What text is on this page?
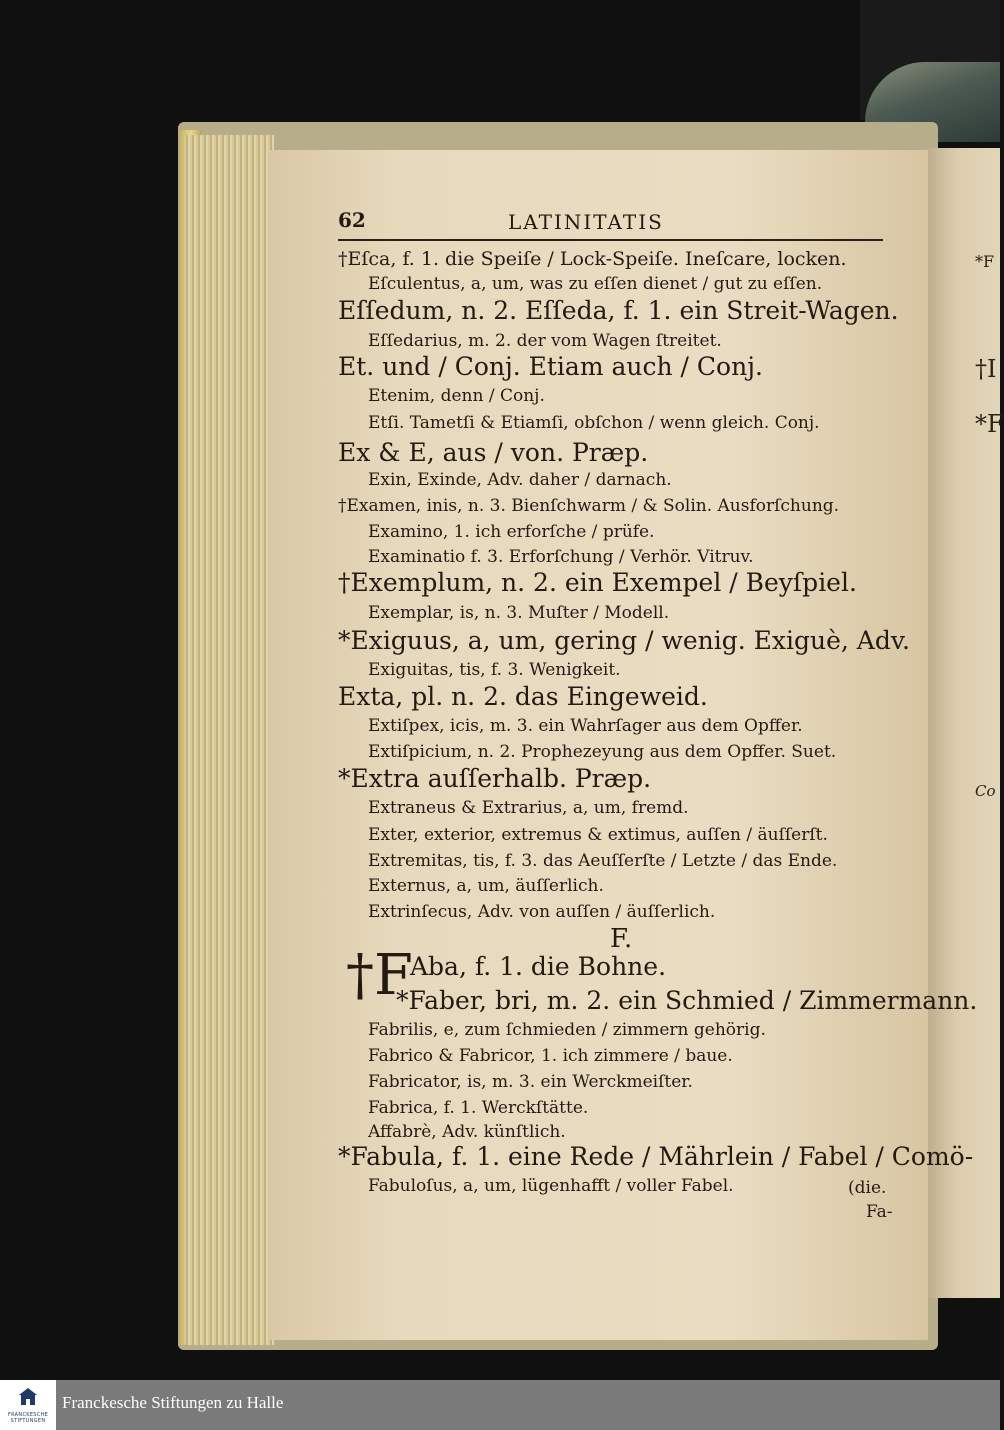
*F
†I
*F
Co
62	LATINITATIS
†Eſca, f. 1. die Speiſe / Lock-Speiſe. Ineſcare, locken.
Eſculentus, a, um, was zu eſſen dienet / gut zu eſſen.
Eſſedum, n. 2. Eſſeda, f. 1. ein Streit-Wagen.
Eſſedarius, m. 2. der vom Wagen ſtreitet.
Et. und / Conj. Etiam auch / Conj.
Etenim, denn / Conj.
Etſi. Tametſi & Etiamſi, obſchon / wenn gleich. Conj.
Ex & E, aus / von. Præp.
Exin, Exinde, Adv. daher / darnach.
†Examen, inis, n. 3. Bienſchwarm / & Solin. Ausforſchung.
Examino, 1. ich erforſche / prüfe.
Examinatio f. 3. Erforſchung / Verhör. Vitruv.
†Exemplum, n. 2. ein Exempel / Beyſpiel.
Exemplar, is, n. 3. Muſter / Modell.
*Exiguus, a, um, gering / wenig. Exiguè, Adv.
Exiguitas, tis, f. 3. Wenigkeit.
Exta, pl. n. 2. das Eingeweid.
Extiſpex, icis, m. 3. ein Wahrſager aus dem Opffer.
Extiſpicium, n. 2. Prophezeyung aus dem Opffer. Suet.
*Extra auſſerhalb. Præp.
Extraneus & Extrarius, a, um, fremd.
Exter, exterior, extremus & extimus, auſſen / äuſſerſt.
Extremitas, tis, f. 3. das Aeuſſerſte / Letzte / das Ende.
Externus, a, um, äuſſerlich.
Extrinſecus, Adv. von auſſen / äuſſerlich.
F.
†F
Aba, f. 1. die Bohne.
*Faber, bri, m. 2. ein Schmied / Zimmermann.
Fabrilis, e, zum ſchmieden / zimmern gehörig.
Fabrico & Fabricor, 1. ich zimmere / baue.
Fabricator, is, m. 3. ein Werckmeiſter.
Fabrica, f. 1. Werckſtätte.
Affabrè, Adv. künſtlich.
*Fabula, f. 1. eine Rede / Mährlein / Fabel / Comö-
Fabuloſus, a, um, lügenhafft / voller Fabel.	(die.
Fa-
FRANCKESCHE STIFTUNGEN
Franckesche Stiftungen zu Halle
